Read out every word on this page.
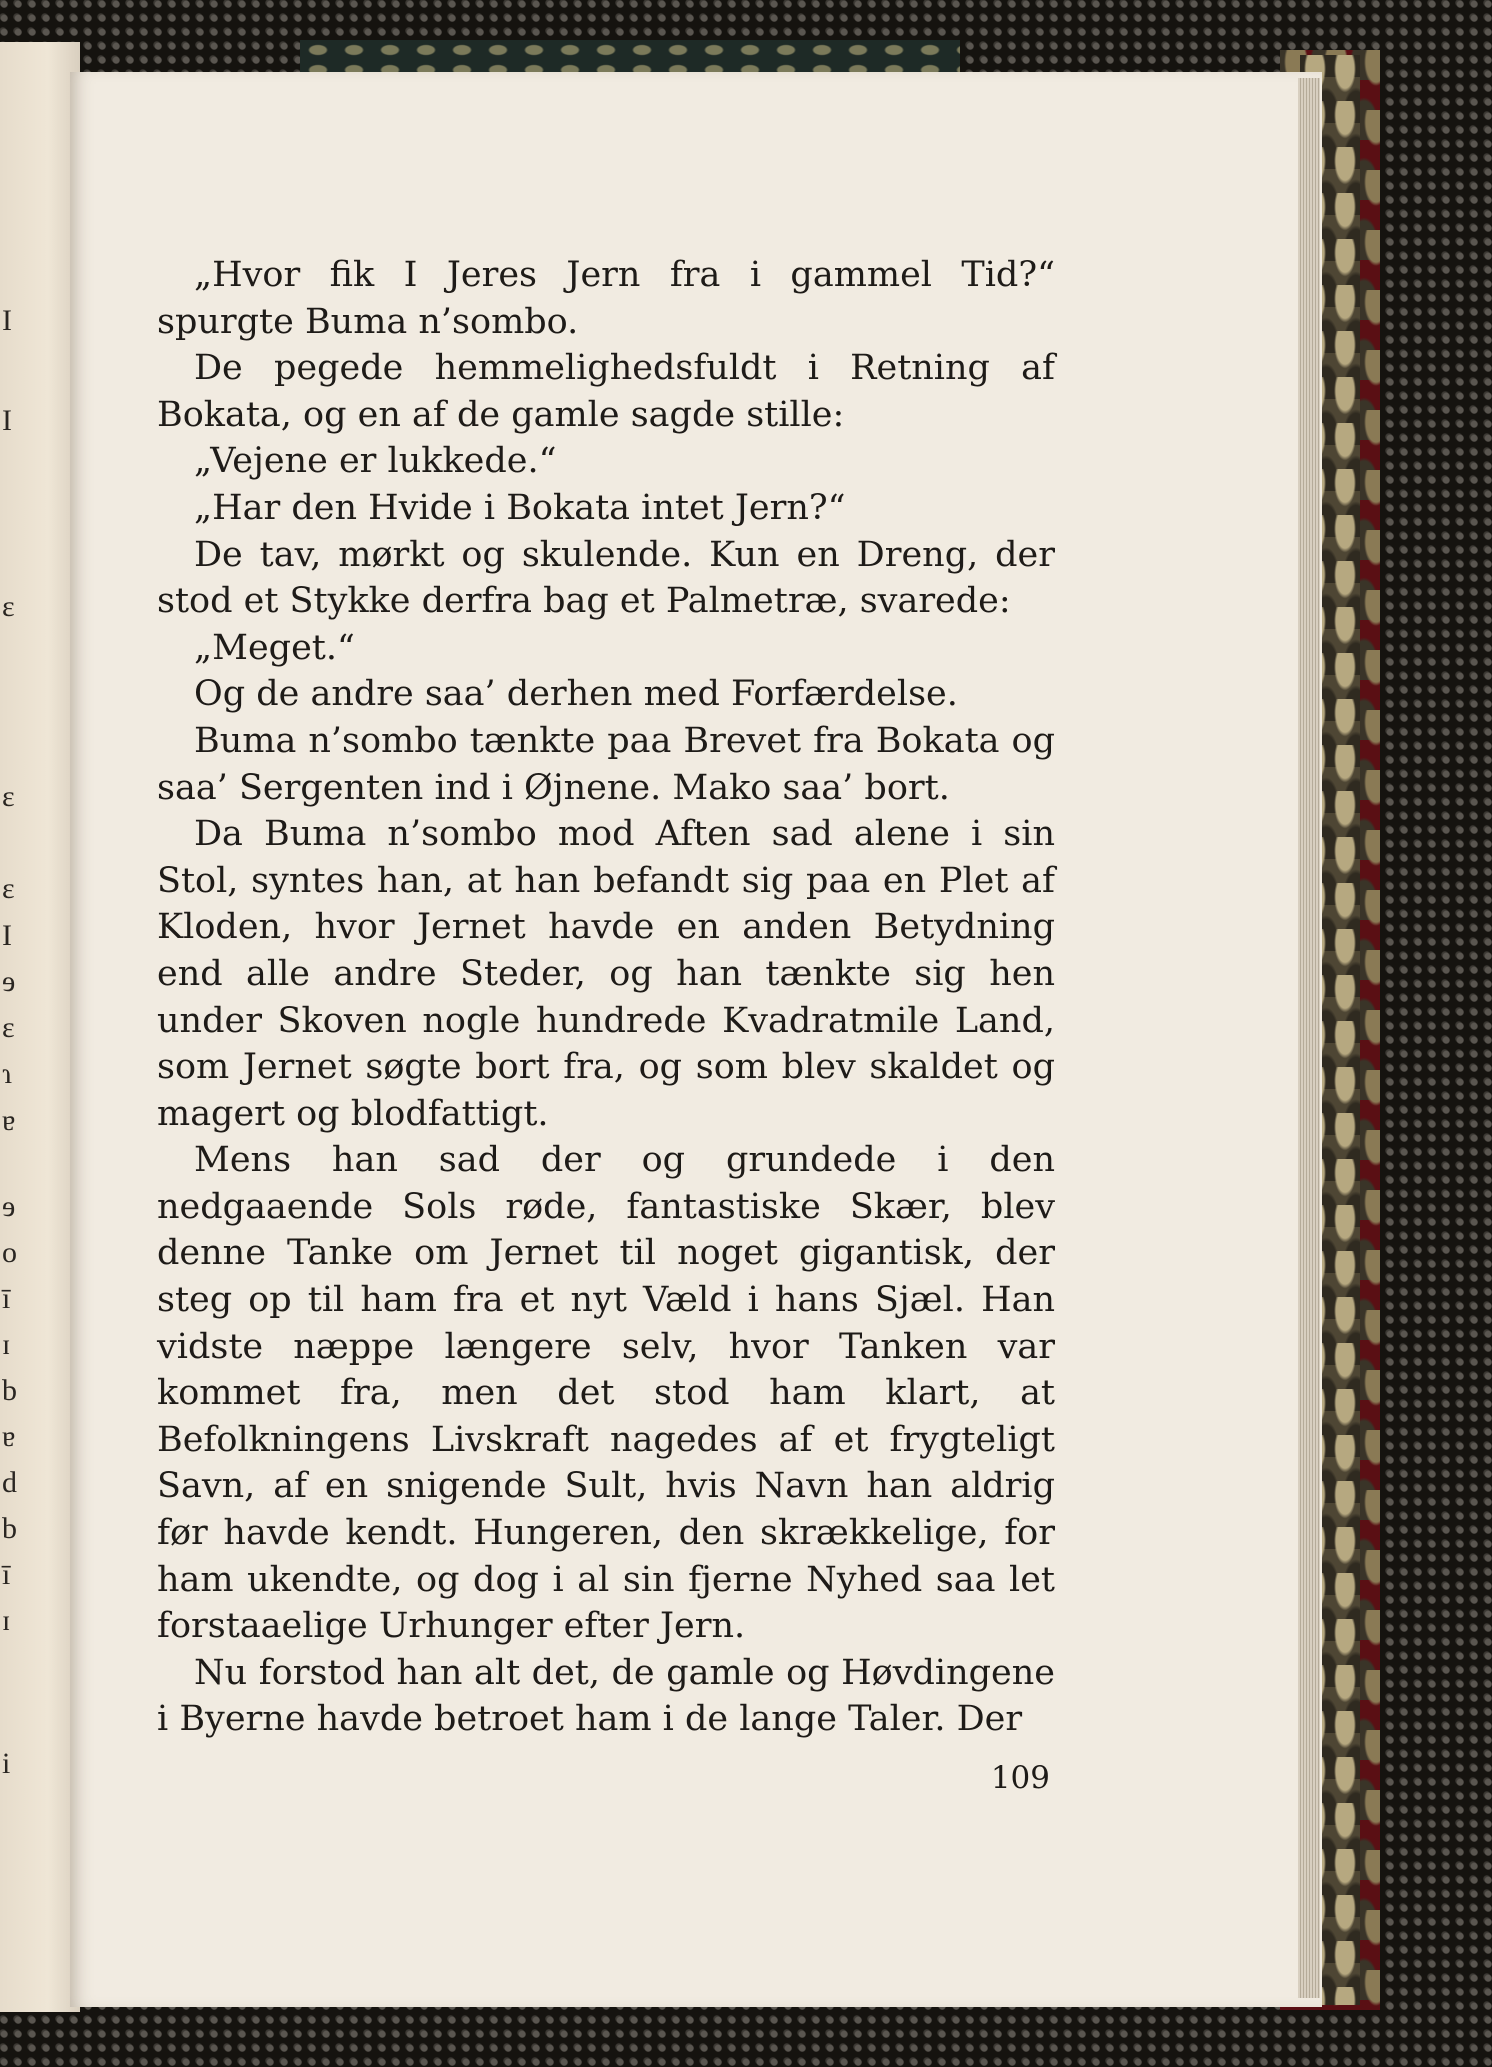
I
I
ɛ
ɛ
ɛ
I
ɘ
ɛ
ɿ
ɐ
ɘ
o
ī
ɪ
b
ɐ
d
b
ī
ɪ
i

„Hvor fik I Jeres Jern fra i gammel Tid?“ spurgte Buma n’sombo.

De pegede hemmelighedsfuldt i Retning af Bokata, og en af de gamle sagde stille:

„Vejene er lukkede.“

„Har den Hvide i Bokata intet Jern?“

De tav, mørkt og skulende. Kun en Dreng, der stod et Stykke derfra bag et Palmetræ, svarede:

„Meget.“

Og de andre saa’ derhen med Forfærdelse.

Buma n’sombo tænkte paa Brevet fra Bokata og saa’ Sergenten ind i Øjnene. Mako saa’ bort.

Da Buma n’sombo mod Aften sad alene i sin Stol, syntes han, at han befandt sig paa en Plet af Kloden, hvor Jernet havde en anden Betydning end alle andre Steder, og han tænkte sig hen under Skoven nogle hundrede Kvadratmile Land, som Jernet søgte bort fra, og som blev skaldet og magert og blodfattigt.

Mens han sad der og grundede i den nedgaaende Sols røde, fantastiske Skær, blev denne Tanke om Jernet til noget gigantisk, der steg op til ham fra et nyt Væld i hans Sjæl. Han vidste næppe længere selv, hvor Tanken var kommet fra, men det stod ham klart, at Befolkningens Livskraft nagedes af et frygteligt Savn, af en snigende Sult, hvis Navn han aldrig før havde kendt. Hungeren, den skrækkelige, for ham ukendte, og dog i al sin fjerne Nyhed saa let forstaaelige Urhunger efter Jern.

Nu forstod han alt det, de gamle og Høvdingene i Byerne havde betroet ham i de lange Taler. Der

109
